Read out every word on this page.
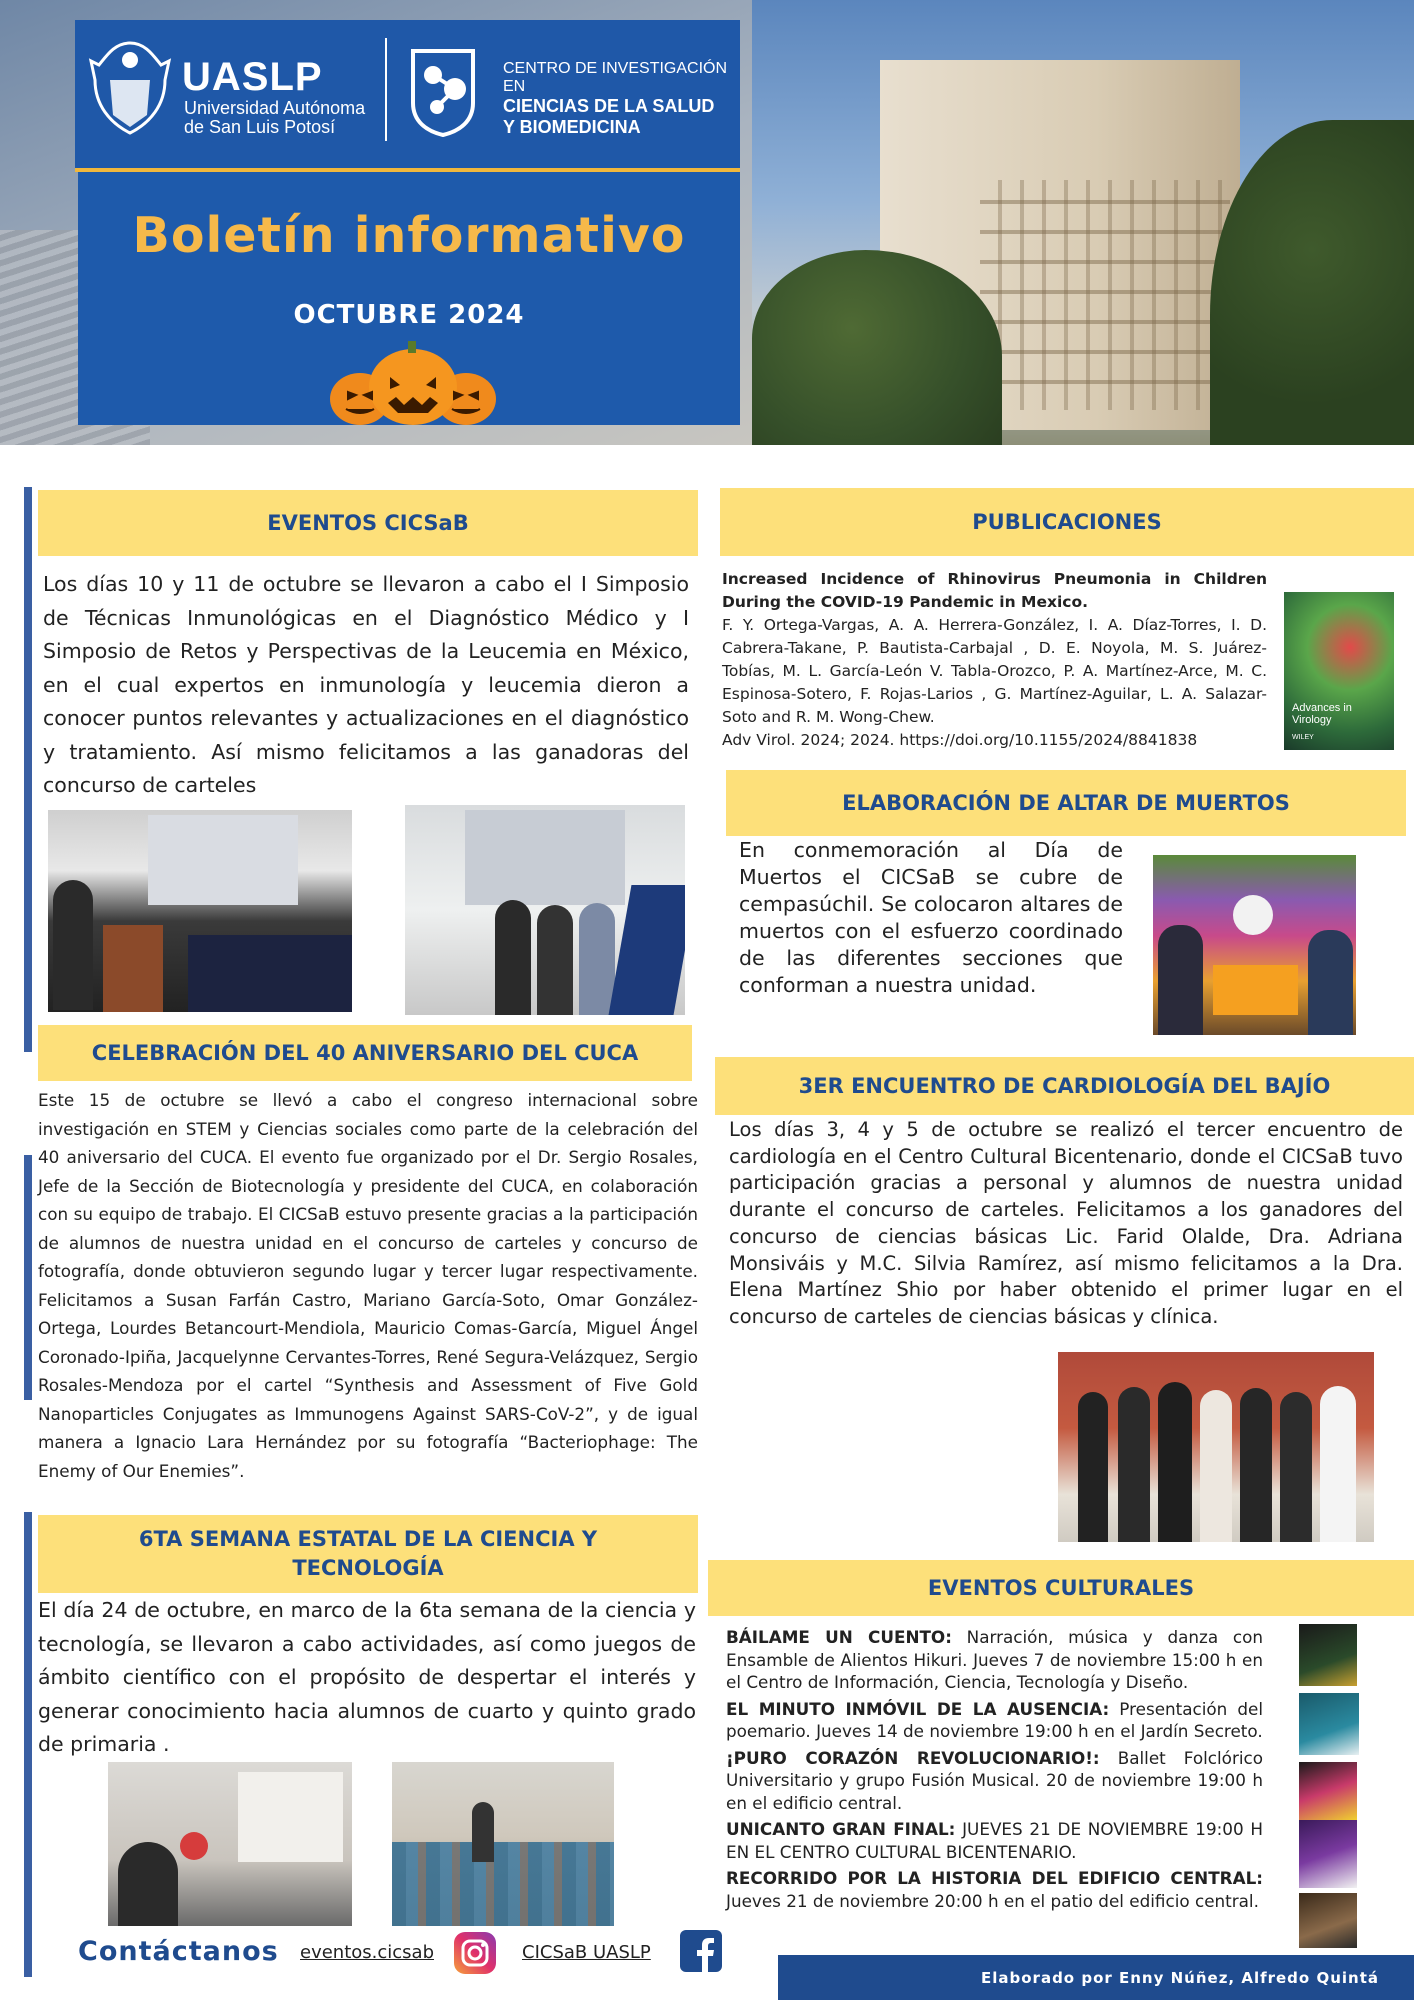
UASLP
Universidad Autónoma
de San Luis Potosí
CENTRO DE INVESTIGACIÓN EN
CIENCIAS DE LA SALUD
Y BIOMEDICINA
Boletín informativo
OCTUBRE 2024
EVENTOS CICSaB
Los días 10 y 11 de octubre se llevaron a cabo el I Simposio de Técnicas Inmunológicas en el Diagnóstico Médico y I Simposio de Retos y Perspectivas de la Leucemia en México, en el cual expertos en inmunología y leucemia dieron a conocer puntos relevantes y actualizaciones en el diagnóstico y tratamiento. Así mismo felicitamos a las ganadoras del concurso de carteles
CELEBRACIÓN DEL 40 ANIVERSARIO DEL CUCA
Este 15 de octubre se llevó a cabo el congreso internacional sobre investigación en STEM y Ciencias sociales como parte de la celebración del 40 aniversario del CUCA. El evento fue organizado por el Dr. Sergio Rosales, Jefe de la Sección de Biotecnología y presidente del CUCA, en colaboración con su equipo de trabajo. El CICSaB estuvo presente gracias a la participación de alumnos de nuestra unidad en el concurso de carteles y concurso de fotografía, donde obtuvieron segundo lugar y tercer lugar respectivamente. Felicitamos a Susan Farfán Castro, Mariano García-Soto, Omar González-Ortega, Lourdes Betancourt-Mendiola, Mauricio Comas-García, Miguel Ángel Coronado-Ipiña, Jacquelynne Cervantes-Torres, René Segura-Velázquez, Sergio Rosales-Mendoza por el cartel “Synthesis and Assessment of Five Gold Nanoparticles Conjugates as Immunogens Against SARS-CoV-2”, y de igual manera a Ignacio Lara Hernández por su fotografía “Bacteriophage: The Enemy of Our Enemies”.
6TA SEMANA ESTATAL DE LA CIENCIA Y
TECNOLOGÍA
El día 24 de octubre, en marco de la 6ta semana de la ciencia y tecnología, se llevaron a cabo actividades, así como juegos de ámbito científico con el propósito de despertar el interés y generar conocimiento hacia alumnos de cuarto y quinto grado de primaria .
PUBLICACIONES
Increased Incidence of Rhinovirus Pneumonia in Children During the COVID-19 Pandemic in Mexico.
F. Y. Ortega-Vargas, A. A. Herrera-González, I. A. Díaz-Torres, I. D. Cabrera-Takane, P. Bautista-Carbajal , D. E. Noyola, M. S. Juárez-Tobías, M. L. García-León V. Tabla-Orozco, P. A. Martínez-Arce, M. C. Espinosa-Sotero, F. Rojas-Larios , G. Martínez-Aguilar, L. A. Salazar-Soto and R. M. Wong-Chew.
Adv Virol. 2024; 2024. https://doi.org/10.1155/2024/8841838
Advances in
Virology
WILEY
ELABORACIÓN DE ALTAR DE MUERTOS
En conmemoración al Día de Muertos el CICSaB se cubre de cempasúchil. Se colocaron altares de muertos con el esfuerzo coordinado de las diferentes secciones que conforman a nuestra unidad.
3ER ENCUENTRO DE CARDIOLOGÍA DEL BAJÍO
Los días 3, 4 y 5 de octubre se realizó el tercer encuentro de cardiología en el Centro Cultural Bicentenario, donde el CICSaB tuvo participación gracias a personal y alumnos de nuestra unidad durante el concurso de carteles. Felicitamos a los ganadores del concurso de ciencias básicas Lic. Farid Olalde, Dra. Adriana Monsiváis y M.C. Silvia Ramírez, así mismo felicitamos a la Dra. Elena Martínez Shio por haber obtenido el primer lugar en el concurso de carteles de ciencias básicas y clínica.
EVENTOS CULTURALES

BÁILAME UN CUENTO: Narración, música y danza con Ensamble de Alientos Hikuri. Jueves 7 de noviembre 15:00 h en el Centro de Información, Ciencia, Tecnología y Diseño.

EL MINUTO INMÓVIL DE LA AUSENCIA: Presentación del poemario. Jueves 14 de noviembre 19:00 h en el Jardín Secreto.

¡PURO CORAZÓN REVOLUCIONARIO!: Ballet Folclórico Universitario y grupo Fusión Musical. 20 de noviembre 19:00 h en el edificio central.

UNICANTO GRAN FINAL: JUEVES 21 DE NOVIEMBRE 19:00 H EN EL CENTRO CULTURAL BICENTENARIO.

RECORRIDO POR LA HISTORIA DEL EDIFICIO CENTRAL: Jueves 21 de noviembre 20:00 h en el patio del edificio central.

Contáctanos eventos.cicsab	CICSaB UASLP
Elaborado por Enny Núñez, Alfredo Quintá
